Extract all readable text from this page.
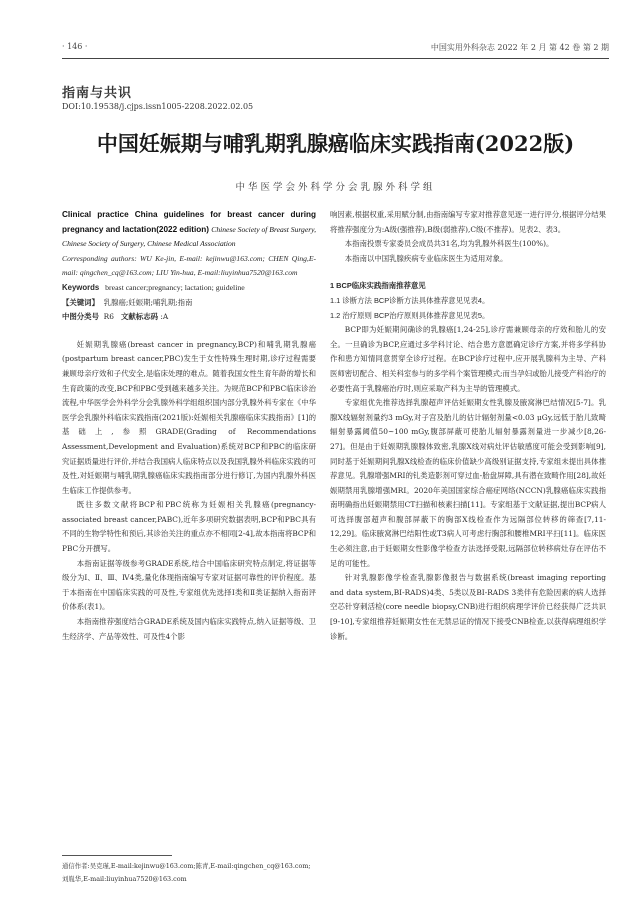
· 146 ·	中国实用外科杂志 2022 年 2 月 第 42 卷 第 2 期
指南与共识
DOI:10.19538/j.cjps.issn1005-2208.2022.02.05
中国妊娠期与哺乳期乳腺癌临床实践指南(2022版)
中华医学会外科学分会乳腺外科学组

Clinical practice China guidelines for breast cancer during pregnancy and lactation(2022 edition) Chinese Society of Breast Surgery, Chinese Society of Surgery, Chinese Medical Association

Corresponding authors: WU Ke-jin, E-mail: kejinwu@163.com; CHEN Qing,E-mail: qingchen_cq@163.com; LIU Yin-hua, E-mail:liuyinhua7520@163.com

Keywords breast cancer;pregnancy; lactation; guideline

【关键词】 乳腺癌;妊娠期;哺乳期;指南

中图分类号 R6 文献标志码 :A

妊娠期乳腺癌(breast cancer in pregnancy,BCP)和哺乳期乳腺癌(postpartum breast cancer,PBC)发生于女性特殊生理时期,诊疗过程需要兼顾母亲疗效和子代安全,是临床处理的难点。随着我国女性生育年龄的增长和生育政策的改变,BCP和PBC受到越来越多关注。为规范BCP和PBC临床诊治流程,中华医学会外科学分会乳腺外科学组组织国内部分乳腺外科专家在《中华医学会乳腺外科临床实践指南(2021版):妊娠相关乳腺癌临床实践指南》[1]的基础上,参照GRADE(Grading of Recommendations Assessment,Development and Evaluation)系统对BCP和PBC的临床研究证据质量进行评价,并结合我国病人临床特点以及我国乳腺外科临床实践的可及性,对妊娠期与哺乳期乳腺癌临床实践指南部分进行修订,为国内乳腺外科医生临床工作提供参考。

既往多数文献将BCP和PBC统称为妊娠相关乳腺癌(pregnancy-associated breast cancer,PABC),近年多项研究数据表明,BCP和PBC具有不同的生物学特性和预后,其诊治关注的重点亦不相同[2-4],故本指南将BCP和PBC分开撰写。

本指南证据等级参考GRADE系统,结合中国临床研究特点制定,将证据等级分为Ⅰ、Ⅱ、Ⅲ、Ⅳ4类,量化体现指南编写专家对证据可靠性的评价程度。基于本指南在中国临床实践的可及性,专家组优先选择Ⅰ类和Ⅱ类证据纳入指南评价体系(表1)。

本指南推荐强度结合GRADE系统及国内临床实践特点,纳入证据等级、卫生经济学、产品等效性、可及性4个影

响因素,根据权重,采用赋分制,由指南编写专家对推荐意见逐一进行评分,根据评分结果将推荐强度分为:A级(强推荐),B级(弱推荐),C级(不推荐)。见表2、表3。

本指南投票专家委员会成员共31名,均为乳腺外科医生(100%)。

本指南以中国乳腺疾病专业临床医生为适用对象。

1 BCP临床实践指南推荐意见

1.1 诊断方法 BCP诊断方法具体推荐意见见表4。

1.2 治疗原则 BCP治疗原则具体推荐意见见表5。

BCP即为妊娠期间确诊的乳腺癌[1,24-25],诊疗需兼顾母亲的疗效和胎儿的安全。一旦确诊为BCP,应通过多学科讨论、结合患方意愿确定诊疗方案,并将多学科协作和患方知情同意贯穿全诊疗过程。在BCP诊疗过程中,应开展乳腺科为主导、产科医师密切配合、相关科室参与的多学科个案管理模式;而当孕妇或胎儿接受产科治疗的必要性高于乳腺癌治疗时,则应采取产科为主导的管理模式。

专家组优先推荐选择乳腺超声评估妊娠期女性乳腺及腋窝淋巴结情况[5-7]。乳腺X线辐射剂量约3 mGy,对子宫及胎儿的估计辐射剂量<0.03 μGy,远低于胎儿致畸辐射暴露阈值50~100 mGy,腹部屏蔽可使胎儿辐射暴露剂量进一步减少[8,26-27]。但是由于妊娠期乳腺腺体致密,乳腺X线对病灶评估敏感度可能会受到影响[9],同时基于妊娠期间乳腺X线检查的临床价值缺少高级别证据支持,专家组未提出具体推荐意见。乳腺增强MRI的钆类造影剂可穿过血-胎盘屏障,具有潜在致畸作用[28],故妊娠期禁用乳腺增强MRI。2020年美国国家综合癌症网络(NCCN)乳腺癌临床实践指南明确指出妊娠期禁用CT扫描和核素扫描[11]。专家组基于文献证据,提出BCP病人可选择腹部超声和腹部屏蔽下的胸部X线检查作为远隔部位转移的筛查[7,11-12,29]。临床腋窝淋巴结阳性或T3病人可考虑行胸部和腰椎MRI平扫[11]。临床医生必须注意,由于妊娠期女性影像学检查方法选择受限,远隔部位转移病灶存在评估不足的可能性。

针对乳腺影像学检查乳腺影像报告与数据系统(breast imaging reporting and data system,BI-RADS)4类、5类以及BI-RADS 3类伴有危险因素的病人选择空芯针穿刺活检(core needle biopsy,CNB)进行组织病理学评价已经获得广泛共识[9-10],专家组推荐妊娠期女性在无禁忌证的情况下接受CNB检查,以获得病理组织学诊断。

通信作者:吴克瑾,E-mail:kejinwu@163.com;陈青,E-mail:qingchen_cq@163.com;刘胤华,E-mail:liuyinhua7520@163.com
